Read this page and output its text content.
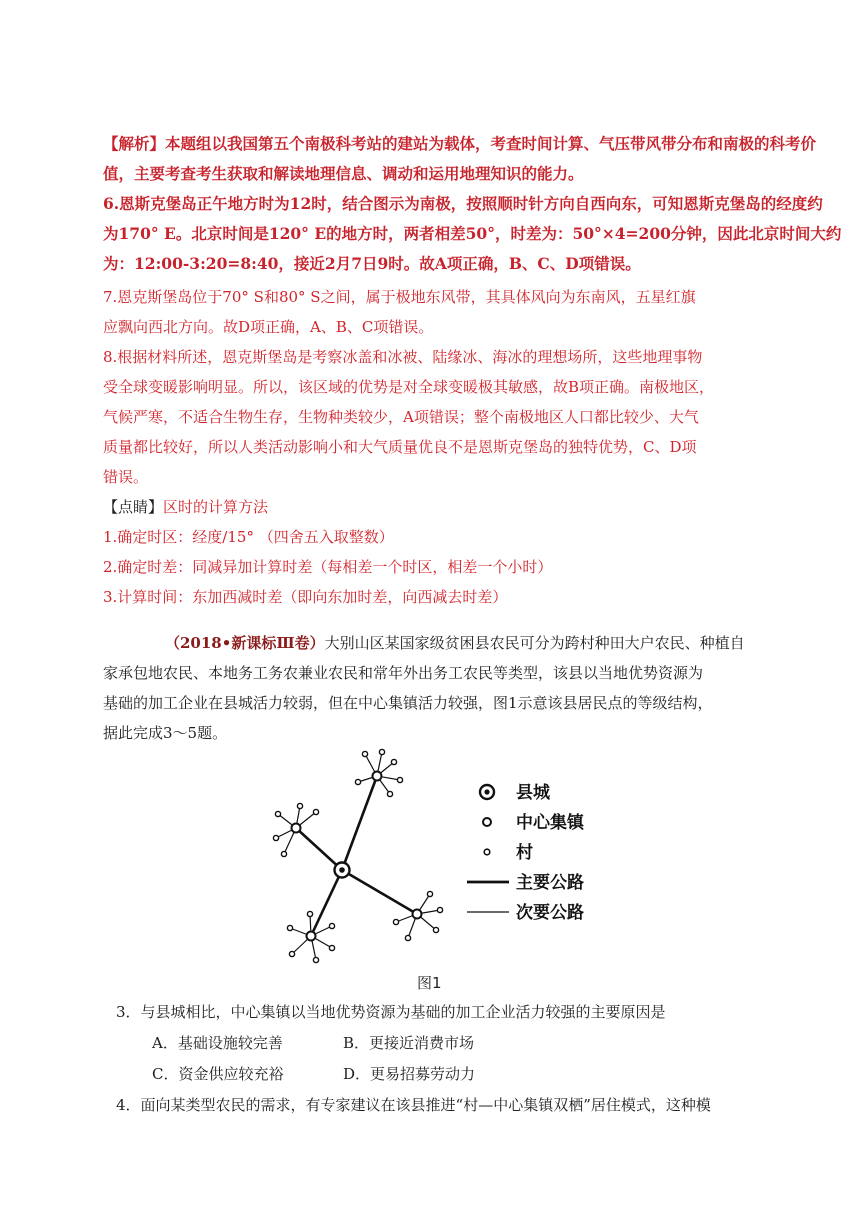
【解析】本题组以我国第五个南极科考站的建站为载体，考查时间计算、气压带风带分布和南极的科考价
值，主要考查考生获取和解读地理信息、调动和运用地理知识的能力。
6.恩斯克堡岛正午地方时为12时，结合图示为南极，按照顺时针方向自西向东，可知恩斯克堡岛的经度约
为170° E。北京时间是120° E的地方时，两者相差50°，时差为：50°×4=200分钟，因此北京时间大约
为：12:00-3:20=8:40，接近2月7日9时。故A项正确，B、C、D项错误。
7.恩克斯堡岛位于70° S和80° S之间，属于极地东风带，其具体风向为东南风，五星红旗
应飘向西北方向。故D项正确，A、B、C项错误。
8.根据材料所述，恩克斯堡岛是考察冰盖和冰被、陆缘冰、海冰的理想场所，这些地理事物
受全球变暖影响明显。所以，该区域的优势是对全球变暖极其敏感，故B项正确。南极地区，
气候严寒，不适合生物生存，生物种类较少，A项错误；整个南极地区人口都比较少、大气
质量都比较好，所以人类活动影响小和大气质量优良不是恩斯克堡岛的独特优势，C、D项
错误。
【点睛】区时的计算方法
1.确定时区：经度/15° （四舍五入取整数）
2.确定时差：同减异加计算时差（每相差一个时区，相差一个小时）
3.计算时间：东加西减时差（即向东加时差，向西减去时差）
（2018•新课标Ⅲ卷）大别山区某国家级贫困县农民可分为跨村种田大户农民、种植自
家承包地农民、本地务工务农兼业农民和常年外出务工农民等类型，该县以当地优势资源为
基础的加工企业在县城活力较弱，但在中心集镇活力较强，图1示意该县居民点的等级结构，
据此完成3～5题。
县城
中心集镇
村
主要公路
次要公路
图1
3．与县城相比，中心集镇以当地优势资源为基础的加工企业活力较强的主要原因是
A．基础设施较完善	B．更接近消费市场
C．资金供应较充裕	D．更易招募劳动力
4．面向某类型农民的需求，有专家建议在该县推进“村—中心集镇双栖”居住模式，这种模
